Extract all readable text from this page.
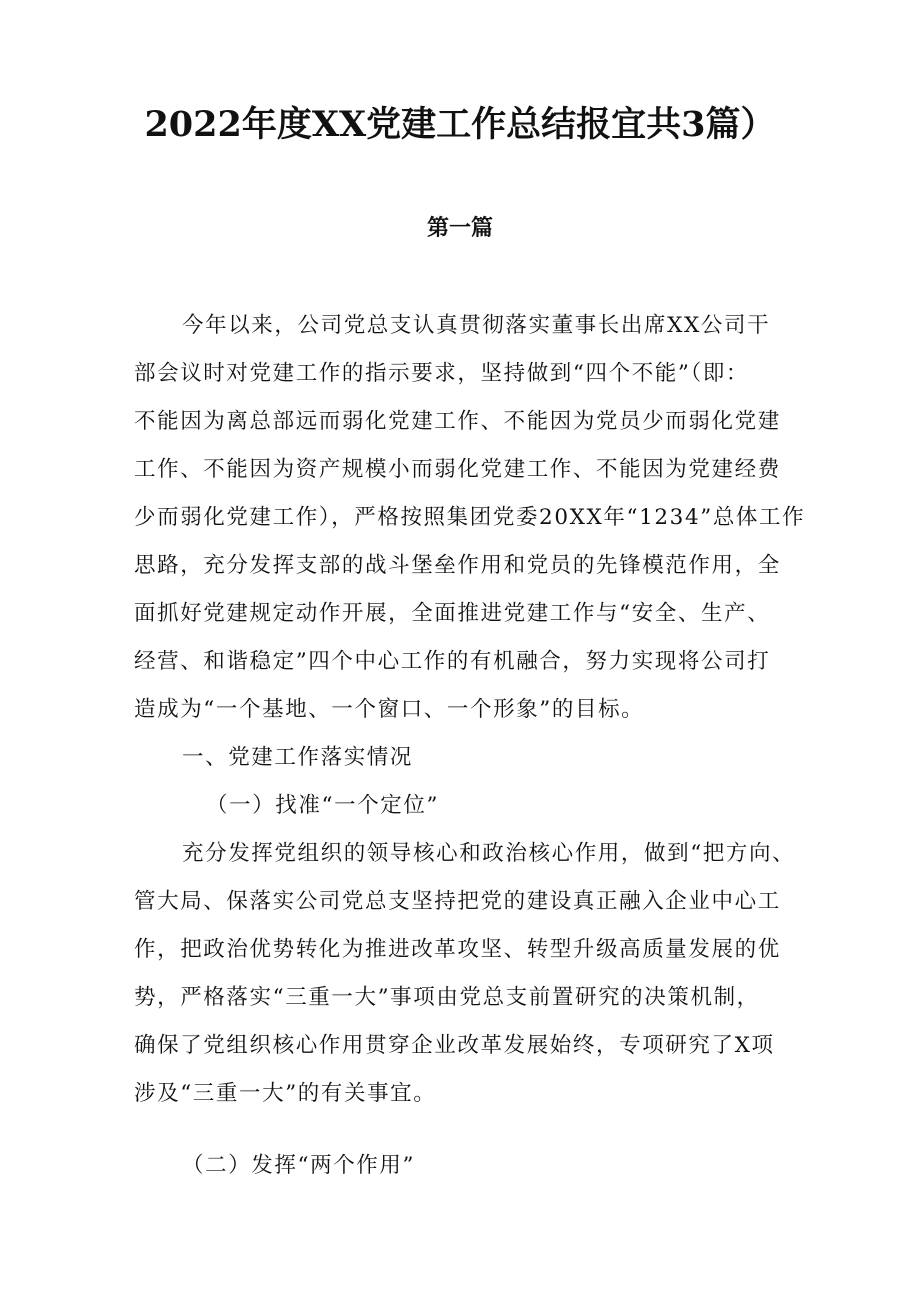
2022年度XX党建工作总结报宜共3篇）
第一篇
今年以来，公司党总支认真贯彻落实董事长出席XX公司干
部会议时对党建工作的指示要求，坚持做到“四个不能”（即：
不能因为离总部远而弱化党建工作、不能因为党员少而弱化党建
工作、不能因为资产规模小而弱化党建工作、不能因为党建经费
少而弱化党建工作），严格按照集团党委20XX年“1234”总体工作
思路，充分发挥支部的战斗堡垒作用和党员的先锋模范作用，全
面抓好党建规定动作开展，全面推进党建工作与“安全、生产、
经营、和谐稳定”四个中心工作的有机融合，努力实现将公司打
造成为“一个基地、一个窗口、一个形象”的目标。
一、党建工作落实情况
（一）找准“一个定位”
充分发挥党组织的领导核心和政治核心作用，做到“把方向、
管大局、保落实公司党总支坚持把党的建设真正融入企业中心工
作，把政治优势转化为推进改革攻坚、转型升级高质量发展的优
势，严格落实“三重一大”事项由党总支前置研究的决策机制，
确保了党组织核心作用贯穿企业改革发展始终，专项研究了X项
涉及“三重一大”的有关事宜。
（二）发挥“两个作用”
